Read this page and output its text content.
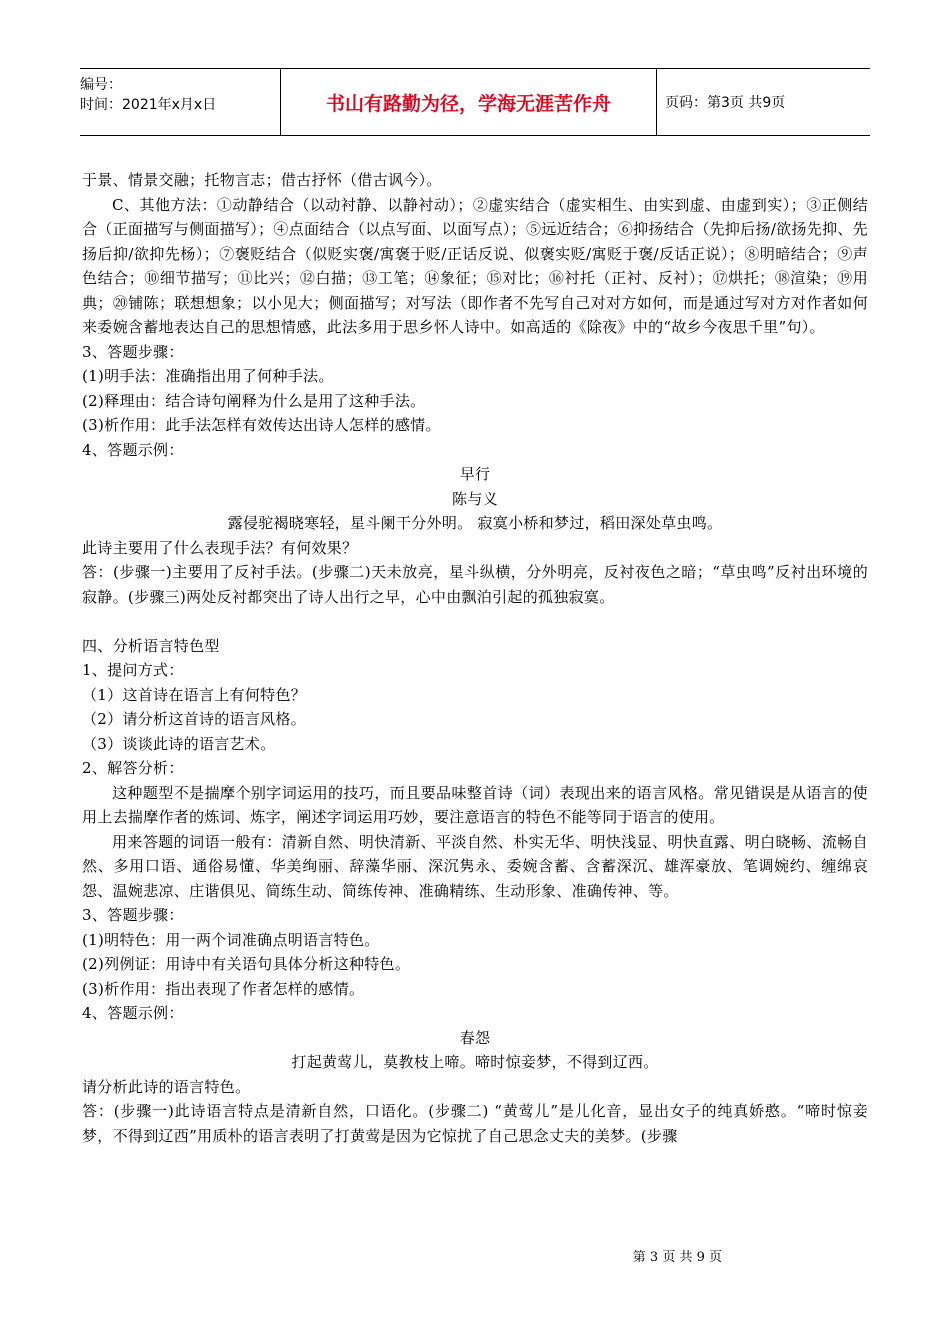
编号：
时间：2021年x月x日	书山有路勤为径，学海无涯苦作舟	页码：第3页 共9页

于景、情景交融；托物言志；借古抒怀（借古讽今）。

C、其他方法：①动静结合（以动衬静、以静衬动）；②虚实结合（虚实相生、由实到虚、由虚到实）；③正侧结合（正面描写与侧面描写）；④点面结合（以点写面、以面写点）；⑤远近结合；⑥抑扬结合（先抑后扬/欲扬先抑、先扬后抑/欲抑先杨）；⑦褒贬结合（似贬实褒/寓褒于贬/正话反说、似褒实贬/寓贬于褒/反话正说）；⑧明暗结合；⑨声色结合；⑩细节描写；⑪比兴；⑫白描；⑬工笔；⑭象征；⑮对比；⑯衬托（正衬、反衬）；⑰烘托；⑱渲染；⑲用典；⑳铺陈；联想想象；以小见大；侧面描写；对写法（即作者不先写自己对对方如何，而是通过写对方对作者如何来委婉含蓄地表达自己的思想情感，此法多用于思乡怀人诗中。如高适的《除夜》中的“故乡今夜思千里”句）。

3、答题步骤：

(1)明手法：准确指出用了何种手法。

(2)释理由：结合诗句阐释为什么是用了这种手法。

(3)析作用：此手法怎样有效传达出诗人怎样的感情。

4、答题示例：

早行

陈与义

露侵驼褐晓寒轻，星斗阑干分外明。 寂寞小桥和梦过，稻田深处草虫鸣。

此诗主要用了什么表现手法？有何效果？

答：(步骤一)主要用了反衬手法。(步骤二)天未放亮，星斗纵横，分外明亮，反衬夜色之暗；“草虫鸣”反衬出环境的寂静。(步骤三)两处反衬都突出了诗人出行之早，心中由飘泊引起的孤独寂寞。

四、分析语言特色型

1、提问方式：

（1）这首诗在语言上有何特色？

（2）请分析这首诗的语言风格。

（3）谈谈此诗的语言艺术。

2、解答分析：

这种题型不是揣摩个别字词运用的技巧，而且要品味整首诗（词）表现出来的语言风格。常见错误是从语言的使用上去揣摩作者的炼词、炼字，阐述字词运用巧妙，要注意语言的特色不能等同于语言的使用。

用来答题的词语一般有：清新自然、明快清新、平淡自然、朴实无华、明快浅显、明快直露、明白晓畅、流畅自然、多用口语、通俗易懂、华美绚丽、辞藻华丽、深沉隽永、委婉含蓄、含蓄深沉、雄浑豪放、笔调婉约、缠绵哀怨、温婉悲凉、庄谐俱见、简练生动、简练传神、准确精练、生动形象、准确传神、等。

3、答题步骤：

(1)明特色：用一两个词准确点明语言特色。

(2)列例证：用诗中有关语句具体分析这种特色。

(3)析作用：指出表现了作者怎样的感情。

4、答题示例：

春怨

打起黄莺儿，莫教枝上啼。啼时惊妾梦，不得到辽西。

请分析此诗的语言特色。

答：(步骤一)此诗语言特点是清新自然，口语化。(步骤二) “黄莺儿”是儿化音，显出女子的纯真娇憨。“啼时惊妾梦，不得到辽西”用质朴的语言表明了打黄莺是因为它惊扰了自己思念丈夫的美梦。(步骤

第 3 页 共 9 页
